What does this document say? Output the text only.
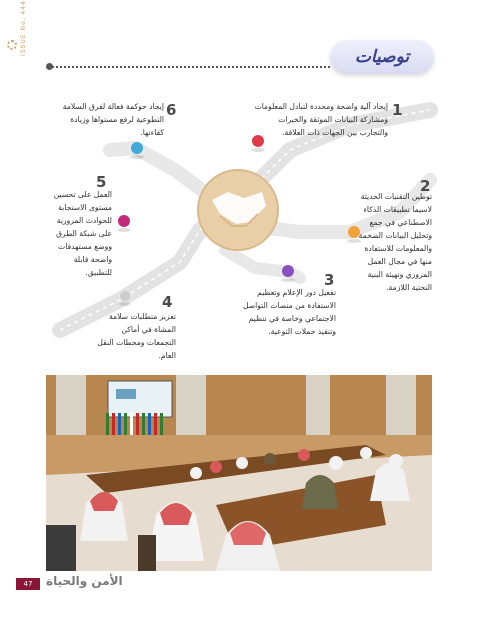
ISSUE No. 444
توصيات
1
إيجاد آلية واضحة ومحددة لتبادل المعلومات ومشاركة البيانات الموثقة والخبرات والتجارب بين الجهات ذات العلاقة.
6
إيجاد حوكمة فعالة لفرق السلامة التطوعية لرفع مستواها وزيادة كفاءتها.
2
توطين التقنيات الحديثة لاسيما تطبيقات الذكاء الاصطناعي في جمع وتحليل البيانات الضخمة والمعلومات للاستفادة منها في مجال العمل المروري وتهيئة البنية التحتية اللازمة.
5
العمل على تحسين مستوى الاستجابة للحوادث المرورية على شبكة الطرق ووضع مستهدفات واضحة قابلة للتطبيق.	3
تفعيل دور الإعلام وتعظيم الاستفادة من منصات التواصل الاجتماعي وخاصة في تنظيم وتنفيذ حملات التوعية.
4
تعزيز متطلبات سلامة المشاة في أماكن التجمعات ومحطات النقل العام.
47	الأمن والحياة
